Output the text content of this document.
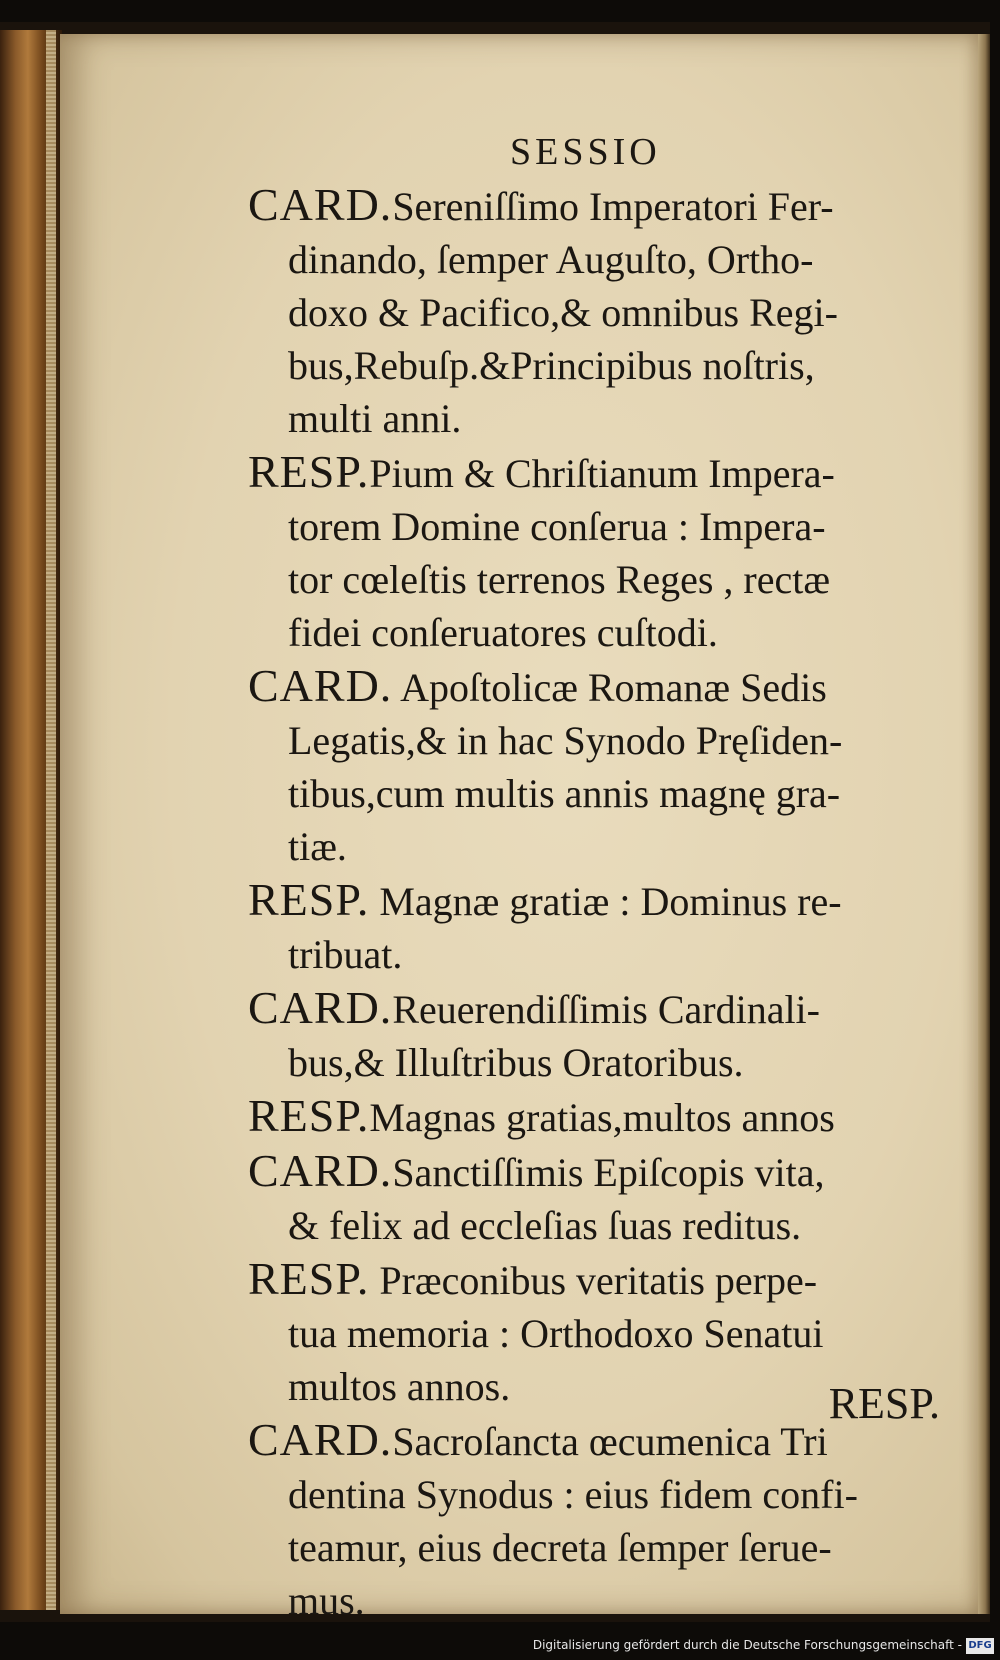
SESSIO

CARD.Sereniſſimo Imperatori Fer-
dinando, ſemper Auguſto, Ortho-
doxo & Pacifico,& omnibus Regi-
bus,Rebuſp.&Principibus noſtris,
multi anni.

RESP.Pium & Chriſtianum Impera-
torem Domine conſerua : Impera-
tor cœleſtis terrenos Reges , rectæ
fidei conſeruatores cuſtodi.

CARD. Apoſtolicæ Romanæ Sedis
Legatis,& in hac Synodo Pręſiden-
tibus,cum multis annis magnę gra-
tiæ.

RESP. Magnæ gratiæ : Dominus re-
tribuat.

CARD.Reuerendiſſimis Cardinali-
bus,& Illuſtribus Oratoribus.

RESP.Magnas gratias,multos annos

CARD.Sanctiſſimis Epiſcopis vita,
& felix ad eccleſias ſuas reditus.

RESP. Præconibus veritatis perpe-
tua memoria : Orthodoxo Senatui
multos annos.

CARD.Sacroſancta œcumenica Tri
dentina Synodus : eius fidem confi-
teamur, eius decreta ſemper ſerue-
mus.

RESP.
Digitalisierung gefördert durch die Deutsche Forschungsgemeinschaft - DFG
